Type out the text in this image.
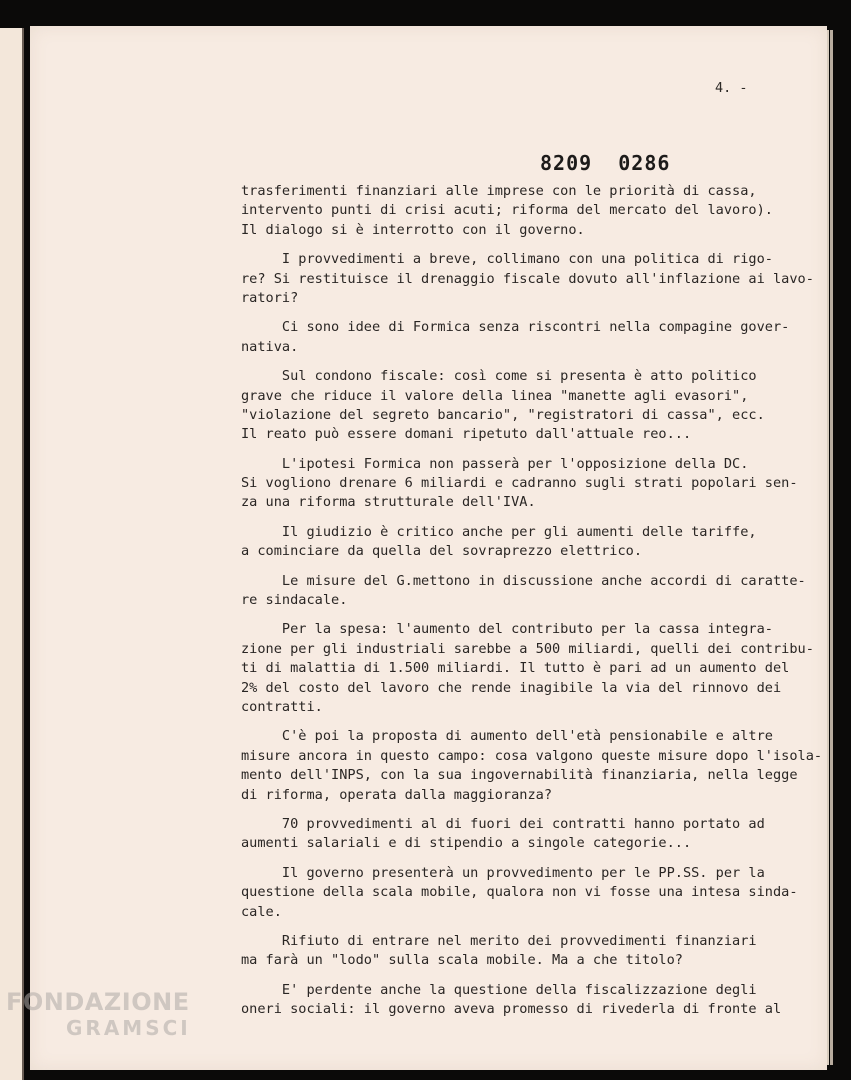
4. -
8209  0286
trasferimenti finanziari alle imprese con le priorità di cassa,
intervento punti di crisi acuti; riforma del mercato del lavoro).
Il dialogo si è interrotto con il governo.
I provvedimenti a breve, collimano con una politica di rigo-
re? Si restituisce il drenaggio fiscale dovuto all'inflazione ai lavo-
ratori?
Ci sono idee di Formica senza riscontri nella compagine gover-
nativa.
Sul condono fiscale: così come si presenta è atto politico
grave che riduce il valore della linea "manette agli evasori",
"violazione del segreto bancario", "registratori di cassa", ecc.
Il reato può essere domani ripetuto dall'attuale reo...
L'ipotesi Formica non passerà per l'opposizione della DC.
Si vogliono drenare 6 miliardi e cadranno sugli strati popolari sen-
za una riforma strutturale dell'IVA.
Il giudizio è critico anche per gli aumenti delle tariffe,
a cominciare da quella del sovraprezzo elettrico.
Le misure del G.mettono in discussione anche accordi di caratte-
re sindacale.
Per la spesa: l'aumento del contributo per la cassa integra-
zione per gli industriali sarebbe a 500 miliardi, quelli dei contribu-
ti di malattia di 1.500 miliardi. Il tutto è pari ad un aumento del
2% del costo del lavoro che rende inagibile la via del rinnovo dei
contratti.
C'è poi la proposta di aumento dell'età pensionabile e altre
misure ancora in questo campo: cosa valgono queste misure dopo l'isola-
mento dell'INPS, con la sua ingovernabilità finanziaria, nella legge
di riforma, operata dalla maggioranza?
70 provvedimenti al di fuori dei contratti hanno portato ad
aumenti salariali e di stipendio a singole categorie...
Il governo presenterà un provvedimento per le PP.SS. per la
questione della scala mobile, qualora non vi fosse una intesa sinda-
cale.
Rifiuto di entrare nel merito dei provvedimenti finanziari
ma farà un "lodo" sulla scala mobile. Ma a che titolo?
E' perdente anche la questione della fiscalizzazione degli
oneri sociali: il governo aveva promesso di rivederla di fronte al
FONDAZIONE
GRAMSCI
